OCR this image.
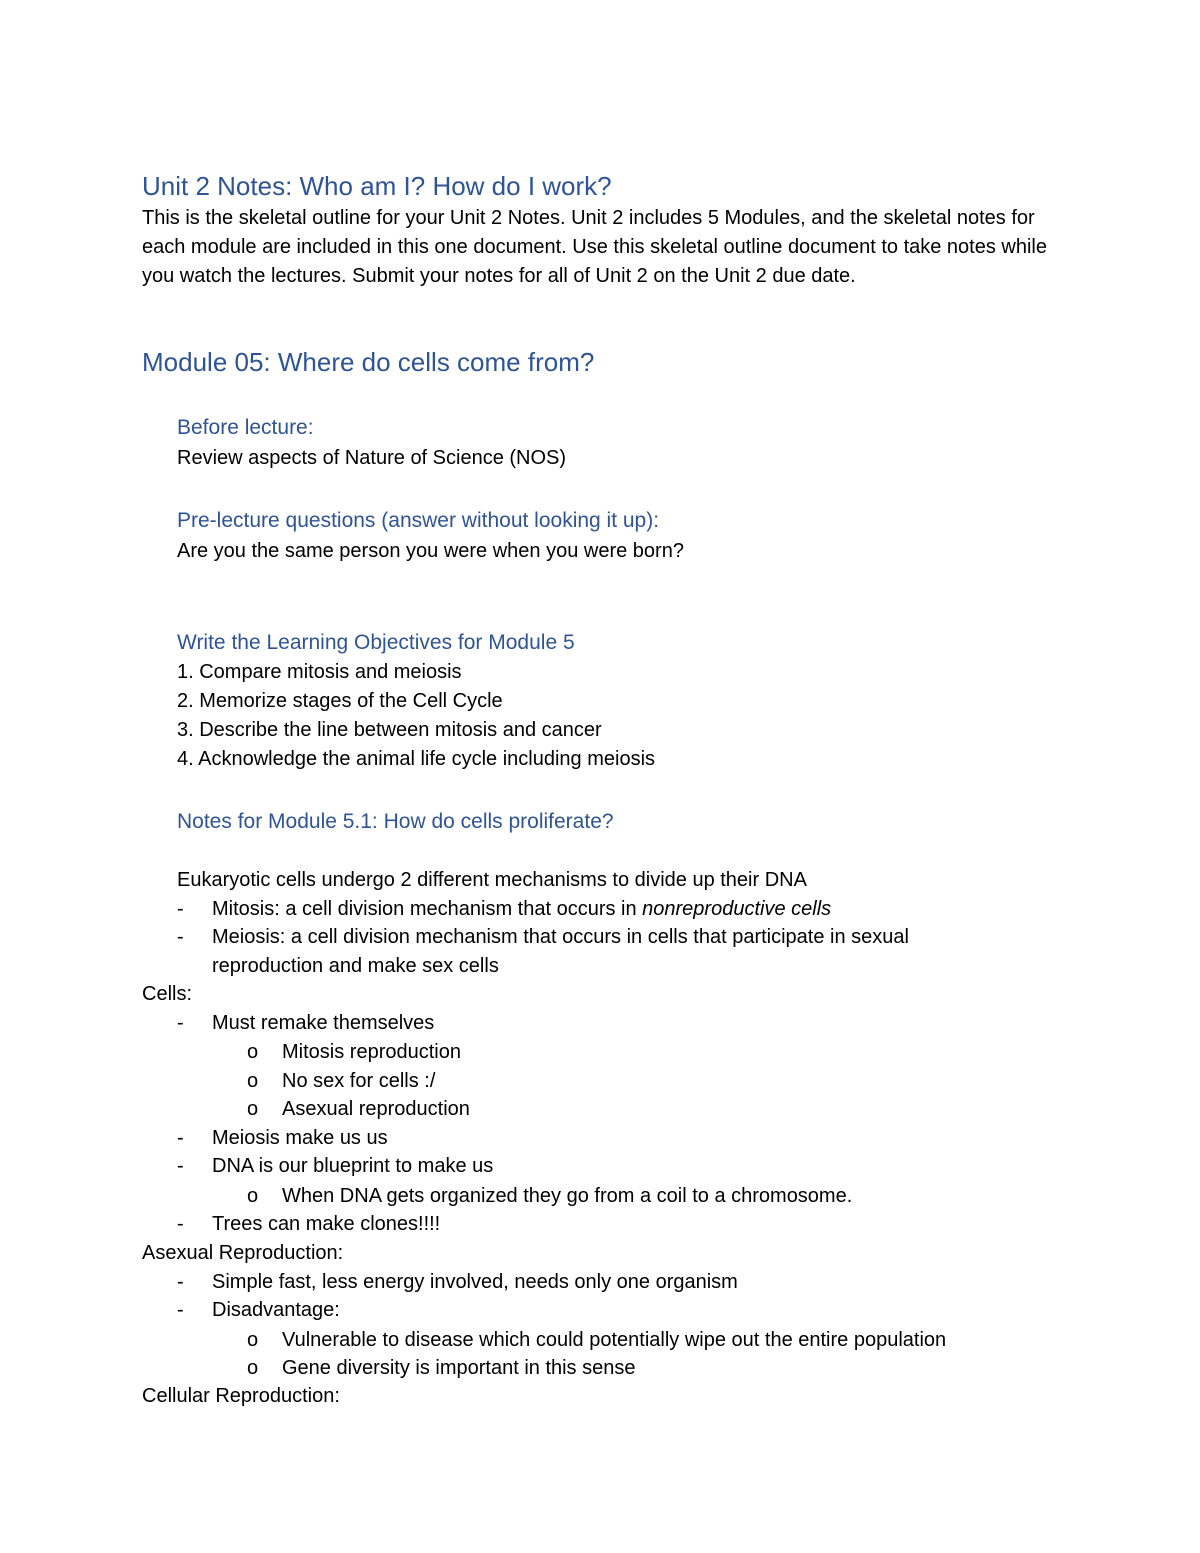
Unit 2 Notes: Who am I? How do I work?
This is the skeletal outline for your Unit 2 Notes. Unit 2 includes 5 Modules, and the skeletal notes for each module are included in this one document. Use this skeletal outline document to take notes while you watch the lectures. Submit your notes for all of Unit 2 on the Unit 2 due date.
Module 05: Where do cells come from?
Before lecture:
Review aspects of Nature of Science (NOS)
Pre-lecture questions (answer without looking it up):
Are you the same person you were when you were born?
Write the Learning Objectives for Module 5
1. Compare mitosis and meiosis
2. Memorize stages of the Cell Cycle
3. Describe the line between mitosis and cancer
4. Acknowledge the animal life cycle including meiosis
Notes for Module 5.1: How do cells proliferate?
Eukaryotic cells undergo 2 different mechanisms to divide up their DNA
- Mitosis: a cell division mechanism that occurs in nonreproductive cells
- Meiosis: a cell division mechanism that occurs in cells that participate in sexual
reproduction and make sex cells
Cells:
- Must remake themselves
o Mitosis reproduction
o No sex for cells :/
o Asexual reproduction
- Meiosis make us us
- DNA is our blueprint to make us
o When DNA gets organized they go from a coil to a chromosome.
- Trees can make clones!!!!
Asexual Reproduction:
- Simple fast, less energy involved, needs only one organism
- Disadvantage:
o Vulnerable to disease which could potentially wipe out the entire population
o Gene diversity is important in this sense
Cellular Reproduction:
